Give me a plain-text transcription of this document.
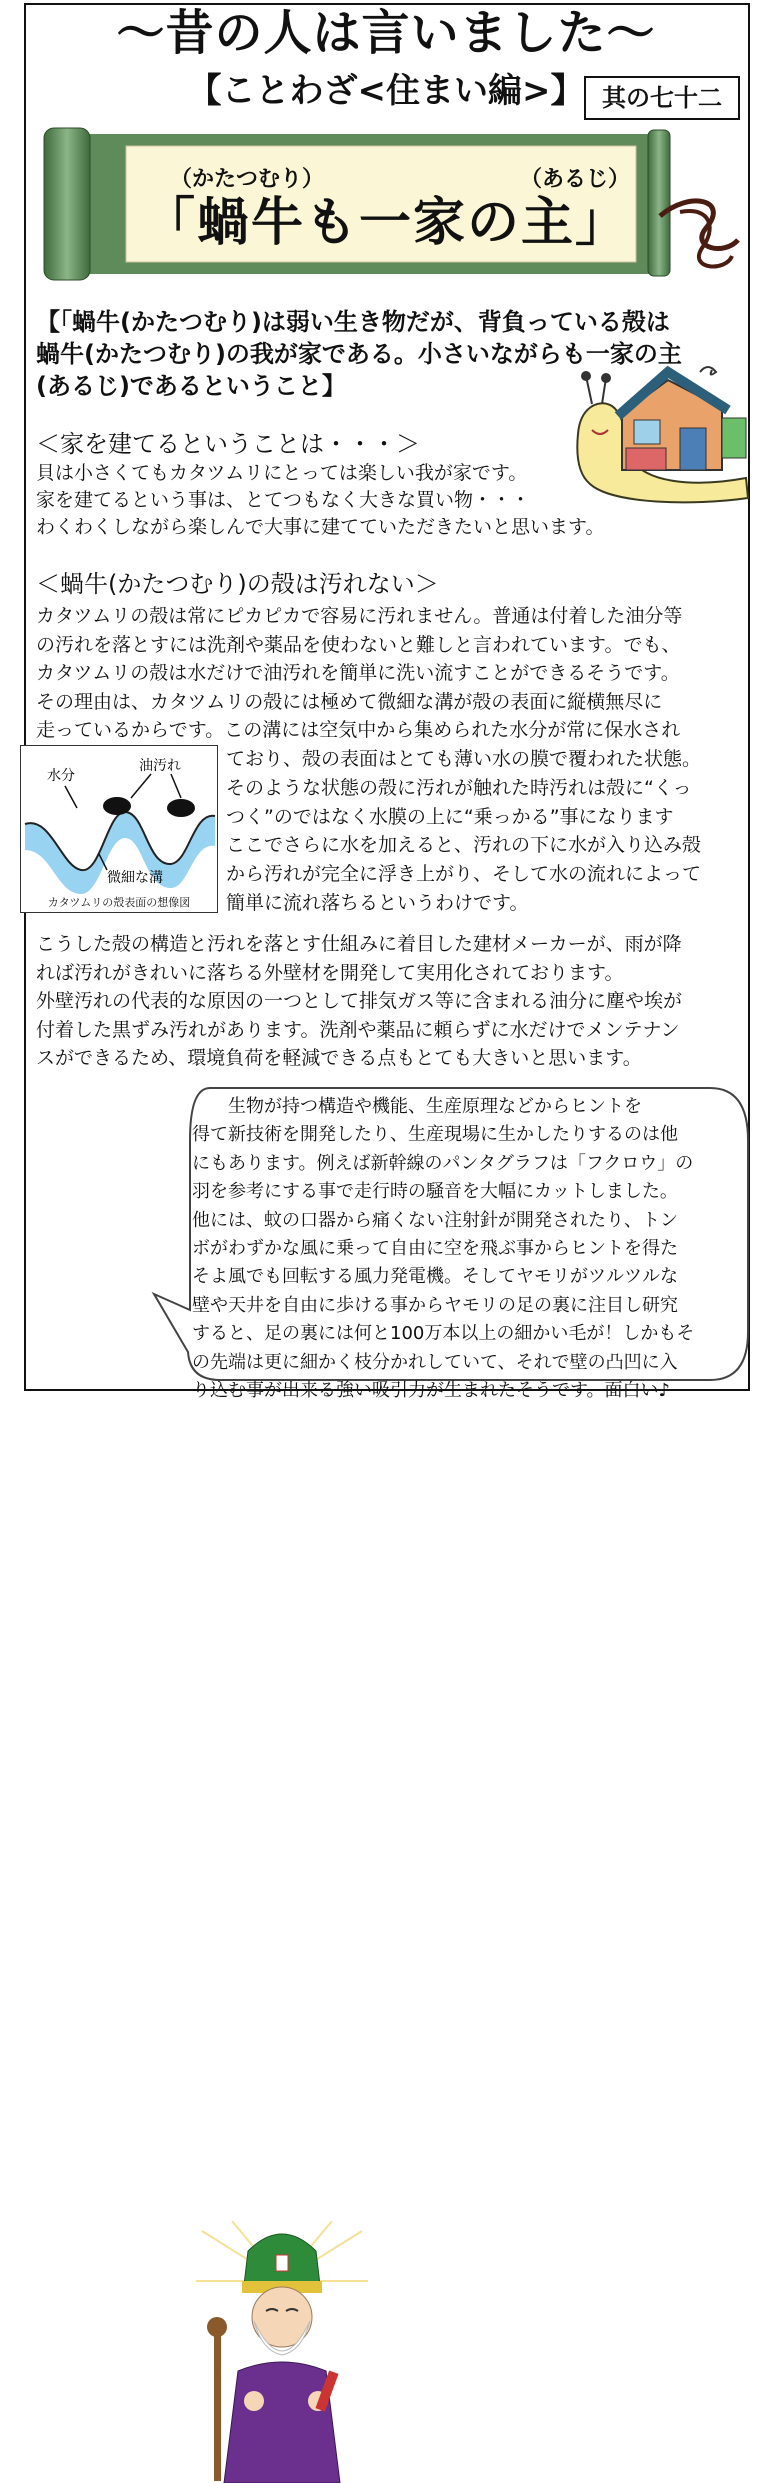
～昔の人は言いました～
【ことわざ<住まい編>】 其の七十二
（かたつむり）	（あるじ）
「蝸牛も一家の主」
【「蝸牛(かたつむり)は弱い生き物だが、背負っている殻は
蝸牛(かたつむり)の我が家である。小さいながらも一家の主
(あるじ)であるということ】
＜家を建てるということは・・・＞
貝は小さくてもカタツムリにとっては楽しい我が家です。
家を建てるという事は、とてつもなく大きな買い物・・・
わくわくしながら楽しんで大事に建てていただきたいと思います。
＜蝸牛(かたつむり)の殻は汚れない＞
カタツムリの殻は常にピカピカで容易に汚れません。普通は付着した油分等
の汚れを落とすには洗剤や薬品を使わないと難しと言われています。でも、
カタツムリの殻は水だけで油汚れを簡単に洗い流すことができるそうです。
その理由は、カタツムリの殻には極めて微細な溝が殻の表面に縦横無尽に
走っているからです。この溝には空気中から集められた水分が常に保水され
水分
油汚れ
微細な溝
カタツムリの殻表面の想像図
ており、殻の表面はとても薄い水の膜で覆われた状態。
そのような状態の殻に汚れが触れた時汚れは殻に“くっ
つく”のではなく水膜の上に“乗っかる”事になります
ここでさらに水を加えると、汚れの下に水が入り込み殻
から汚れが完全に浮き上がり、そして水の流れによって
簡単に流れ落ちるというわけです。
こうした殻の構造と汚れを落とす仕組みに着目した建材メーカーが、雨が降
れば汚れがきれいに落ちる外壁材を開発して実用化されております。
外壁汚れの代表的な原因の一つとして排気ガス等に含まれる油分に塵や埃が
付着した黒ずみ汚れがあります。洗剤や薬品に頼らずに水だけでメンテナン
スができるため、環境負荷を軽減できる点もとても大きいと思います。
　　生物が持つ構造や機能、生産原理などからヒントを
得て新技術を開発したり、生産現場に生かしたりするのは他
にもあります。例えば新幹線のパンタグラフは「フクロウ」の
羽を参考にする事で走行時の騒音を大幅にカットしました。
他には、蚊の口器から痛くない注射針が開発されたり、トン
ボがわずかな風に乗って自由に空を飛ぶ事からヒントを得た
そよ風でも回転する風力発電機。そしてヤモリがツルツルな
壁や天井を自由に歩ける事からヤモリの足の裏に注目し研究
すると、足の裏には何と100万本以上の細かい毛が！しかもそ
の先端は更に細かく枝分かれしていて、それで壁の凸凹に入
り込む事が出来る強い吸引力が生まれたそうです。面白い♪
